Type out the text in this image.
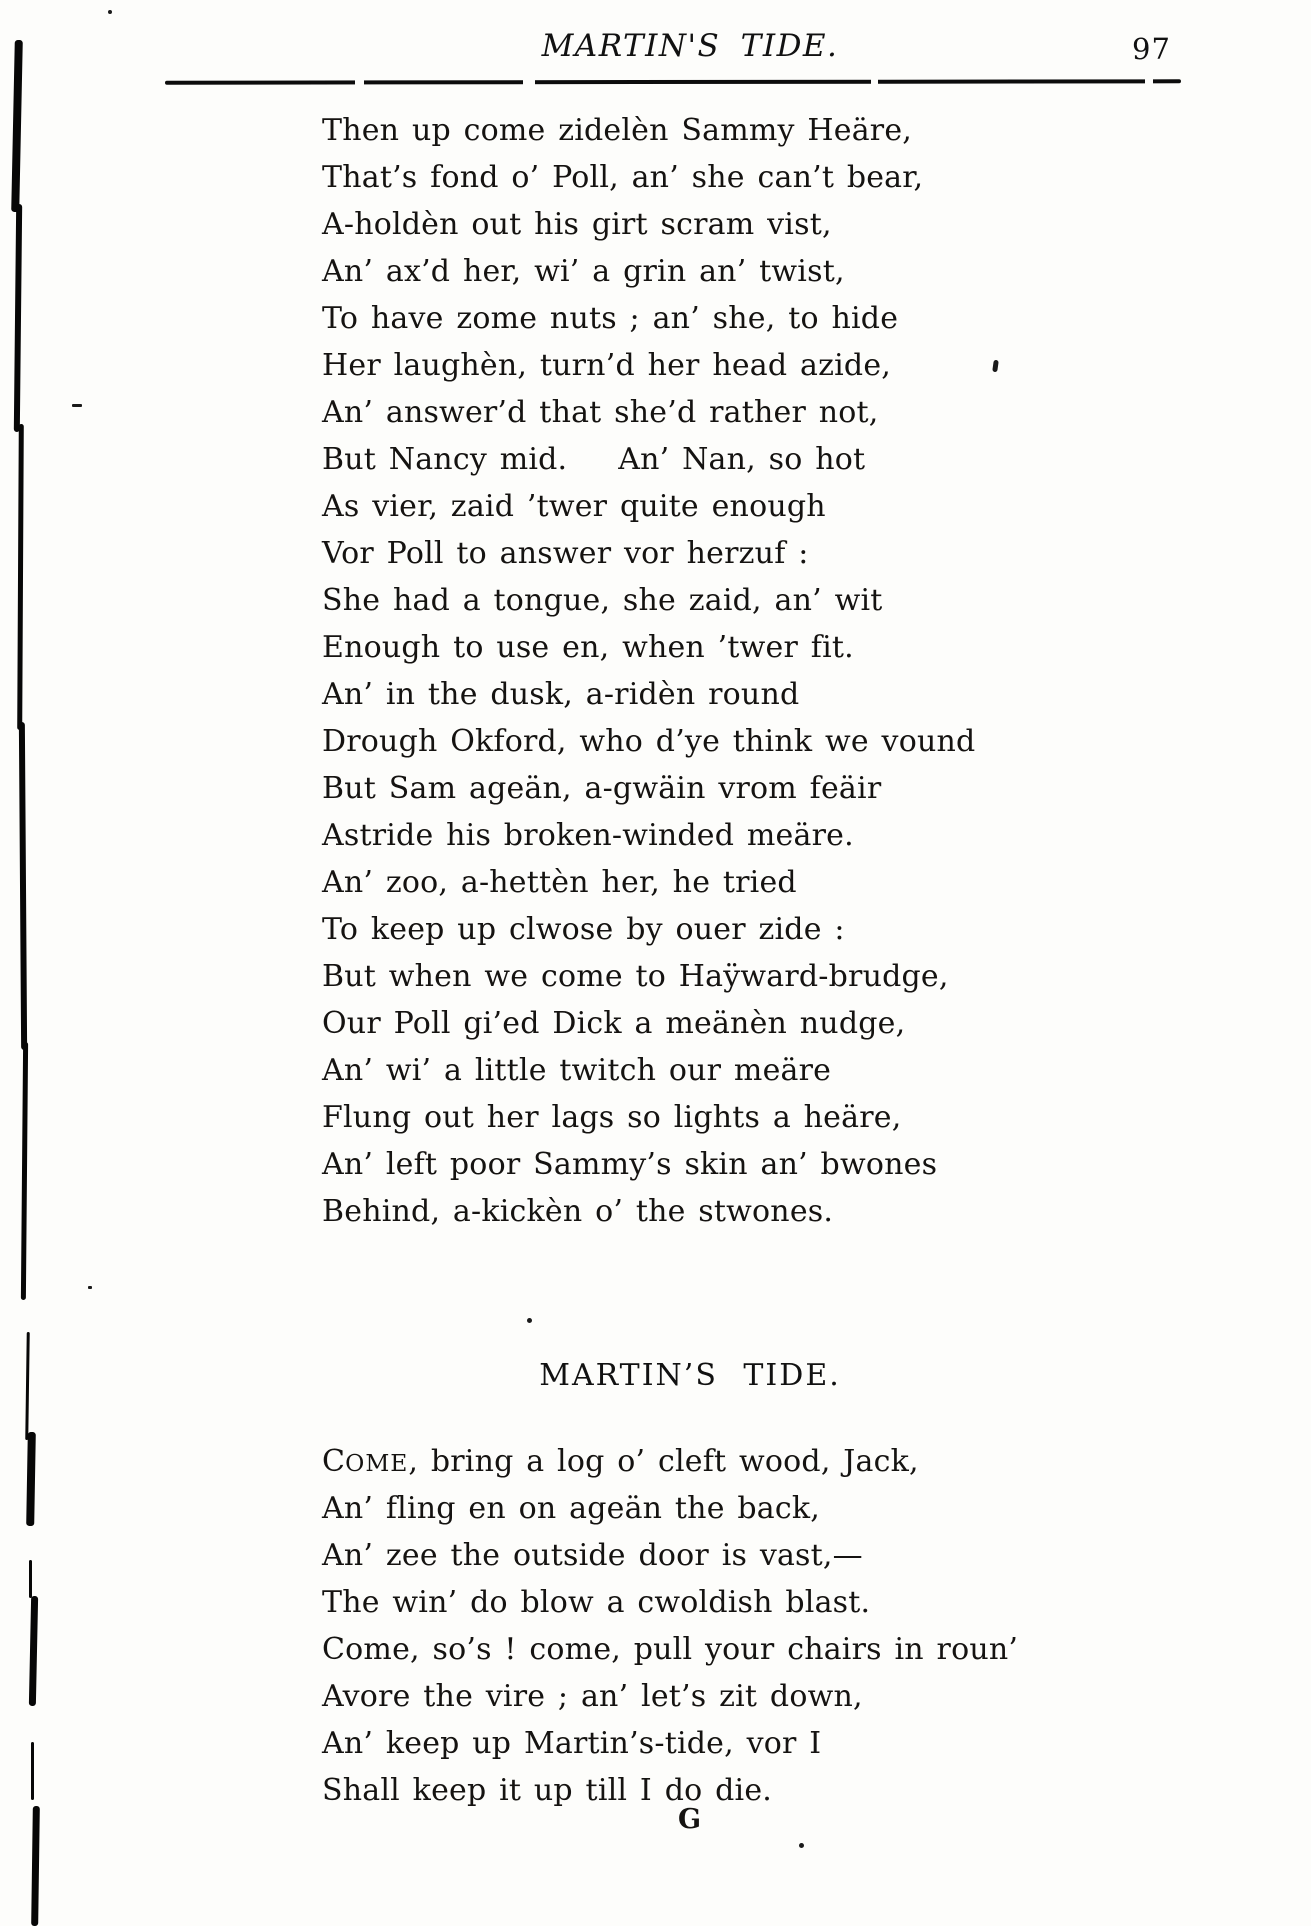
MARTIN'S TIDE.	97
Then up come zidelèn Sammy Heäre,
That’s fond o’ Poll, an’ she can’t bear,
A-holdèn out his girt scram vist,
An’ ax’d her, wi’ a grin an’ twist,
To have zome nuts ; an’ she, to hide
Her laughèn, turn’d her head azide,
An’ answer’d that she’d rather not,
But Nancy mid.    An’ Nan, so hot
As vier, zaid ’twer quite enough
Vor Poll to answer vor herzuf :
She had a tongue, she zaid, an’ wit
Enough to use en, when ’twer fit.
An’ in the dusk, a-ridèn round
Drough Okford, who d’ye think we vound
But Sam ageän, a-gwäin vrom feäir
Astride his broken-winded meäre.
An’ zoo, a-hettèn her, he tried
To keep up clwose by ouer zide :
But when we come to Haÿward-brudge,
Our Poll gi’ed Dick a meänèn nudge,
An’ wi’ a little twitch our meäre
Flung out her lags so lights a heäre,
An’ left poor Sammy’s skin an’ bwones
Behind, a-kickèn o’ the stwones.
MARTIN’S TIDE.
COME, bring a log o’ cleft wood, Jack,
An’ fling en on ageän the back,
An’ zee the outside door is vast,—
The win’ do blow a cwoldish blast.
Come, so’s ! come, pull your chairs in roun’
Avore the vire ; an’ let’s zit down,
An’ keep up Martin’s-tide, vor I
Shall keep it up till I do die.
G
